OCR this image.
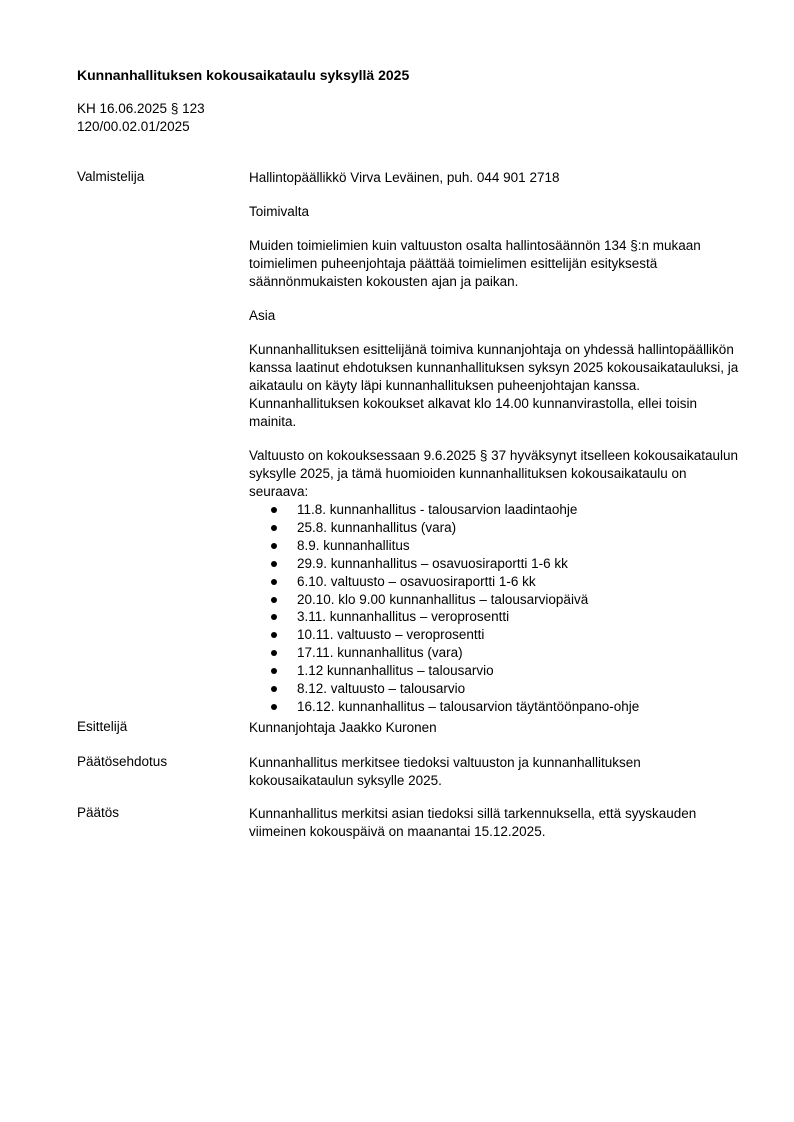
Kunnanhallituksen kokousaikataulu syksyllä 2025
KH 16.06.2025 § 123
120/00.02.01/2025
Valmistelija	Hallintopäällikkö Virva Leväinen, puh. 044 901 2718

Toimivalta

Muiden toimielimien kuin valtuuston osalta hallintosäännön 134 §:n mukaan toimielimen puheenjohtaja päättää toimielimen esittelijän esityksestä säännönmukaisten kokousten ajan ja paikan.

Asia

Kunnanhallituksen esittelijänä toimiva kunnanjohtaja on yhdessä hallintopäällikön kanssa laatinut ehdotuksen kunnanhallituksen syksyn 2025 kokousaikatauluksi, ja aikataulu on käyty läpi kunnanhallituksen puheenjohtajan kanssa. Kunnanhallituksen kokoukset alkavat klo 14.00 kunnanvirastolla, ellei toisin mainita.

Valtuusto on kokouksessaan 9.6.2025 § 37 hyväksynyt itselleen kokousaikataulun syksylle 2025, ja tämä huomioiden kunnanhallituksen kokousaikataulu on seuraava:

11.8. kunnanhallitus - talousarvion laadintaohje
25.8. kunnanhallitus (vara)
8.9. kunnanhallitus
29.9. kunnanhallitus – osavuosiraportti 1-6 kk
6.10. valtuusto – osavuosiraportti 1-6 kk
20.10. klo 9.00 kunnanhallitus – talousarviopäivä
3.11. kunnanhallitus – veroprosentti
10.11. valtuusto – veroprosentti
17.11. kunnanhallitus (vara)
1.12 kunnanhallitus – talousarvio
8.12. valtuusto – talousarvio
16.12. kunnanhallitus – talousarvion täytäntöönpano-ohje
Esittelijä	Kunnanjohtaja Jaakko Kuronen

Päätösehdotus	Kunnanhallitus merkitsee tiedoksi valtuuston ja kunnanhallituksen kokousaikataulun syksylle 2025.

Päätös	Kunnanhallitus merkitsi asian tiedoksi sillä tarkennuksella, että syyskauden viimeinen kokouspäivä on maanantai 15.12.2025.
